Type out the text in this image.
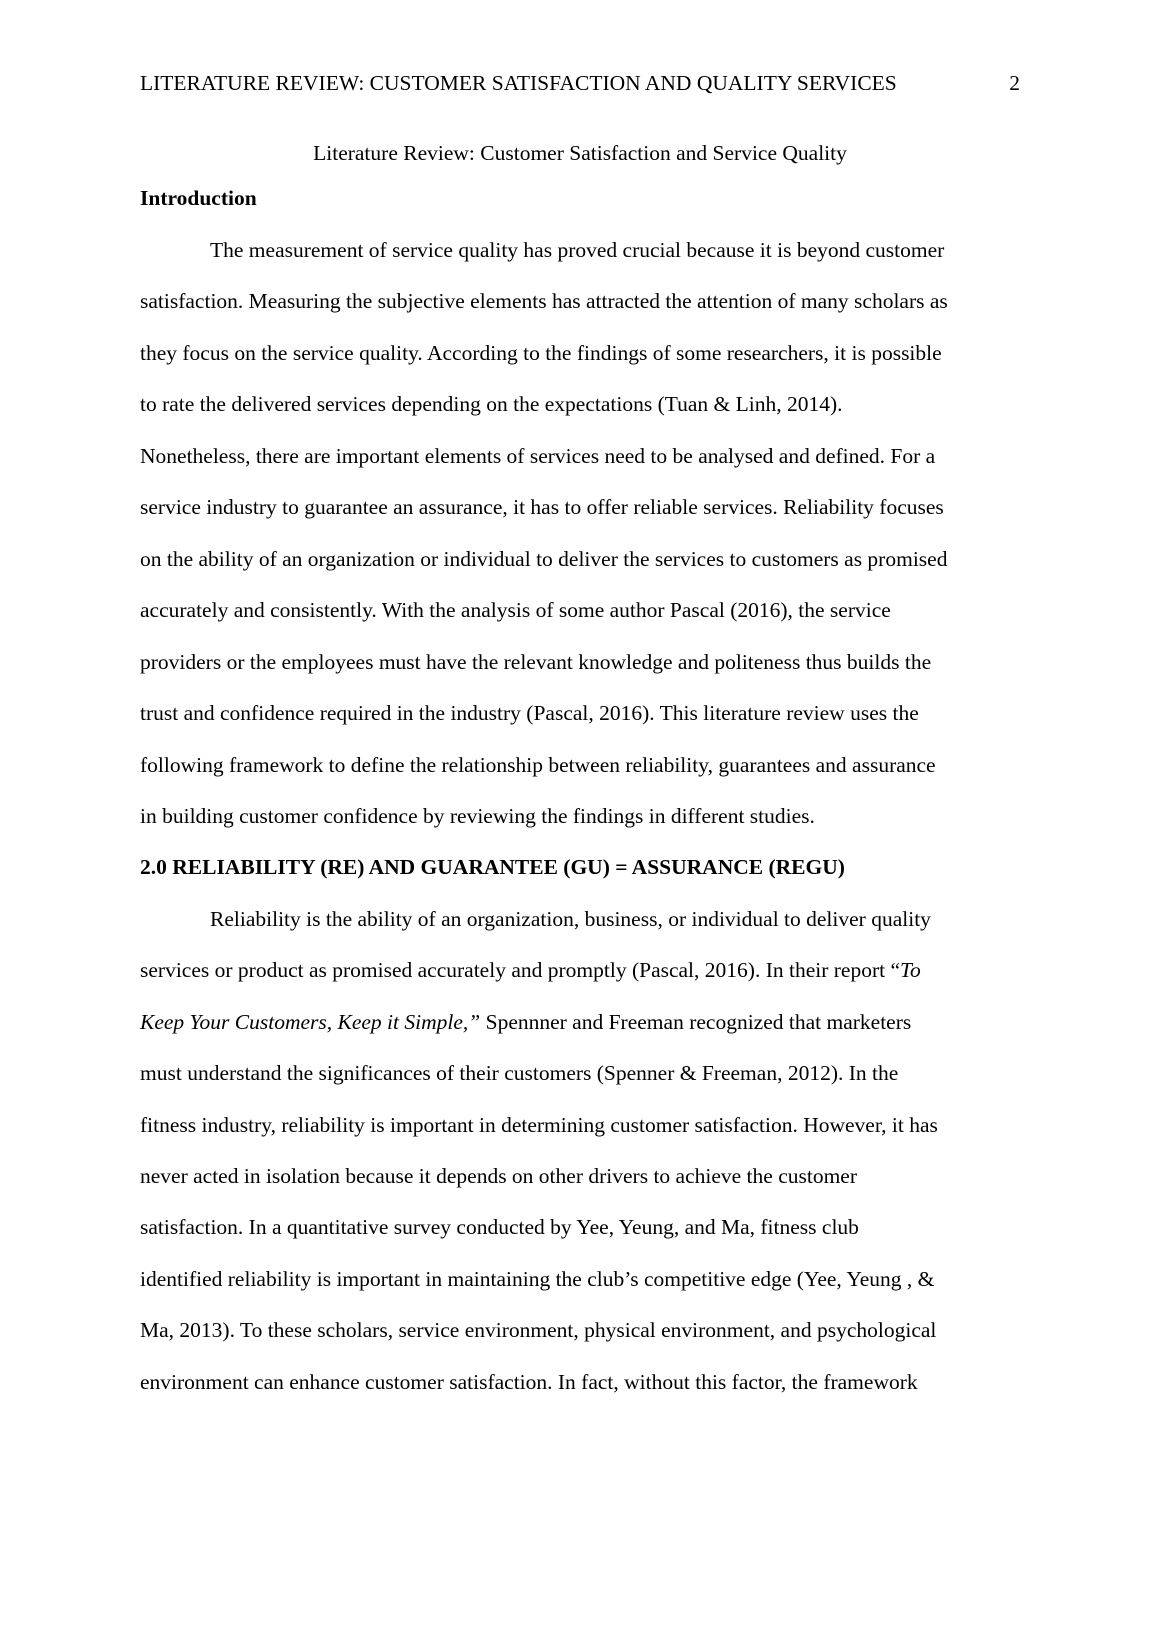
LITERATURE REVIEW: CUSTOMER SATISFACTION AND QUALITY SERVICES	2
Literature Review: Customer Satisfaction and Service Quality
Introduction
The measurement of service quality has proved crucial because it is beyond customer
satisfaction. Measuring the subjective elements has attracted the attention of many scholars as
they focus on the service quality. According to the findings of some researchers, it is possible
to rate the delivered services depending on the expectations (Tuan & Linh, 2014).
Nonetheless, there are important elements of services need to be analysed and defined. For a
service industry to guarantee an assurance, it has to offer reliable services. Reliability focuses
on the ability of an organization or individual to deliver the services to customers as promised
accurately and consistently. With the analysis of some author Pascal (2016), the service
providers or the employees must have the relevant knowledge and politeness thus builds the
trust and confidence required in the industry (Pascal, 2016). This literature review uses the
following framework to define the relationship between reliability, guarantees and assurance
in building customer confidence by reviewing the findings in different studies.
2.0 RELIABILITY (RE) AND GUARANTEE (GU) = ASSURANCE (REGU)
Reliability is the ability of an organization, business, or individual to deliver quality
services or product as promised accurately and promptly (Pascal, 2016). In their report “To
Keep Your Customers, Keep it Simple,” Spennner and Freeman recognized that marketers
must understand the significances of their customers (Spenner & Freeman, 2012). In the
fitness industry, reliability is important in determining customer satisfaction. However, it has
never acted in isolation because it depends on other drivers to achieve the customer
satisfaction. In a quantitative survey conducted by Yee, Yeung, and Ma, fitness club
identified reliability is important in maintaining the club’s competitive edge (Yee, Yeung , &
Ma, 2013). To these scholars, service environment, physical environment, and psychological
environment can enhance customer satisfaction. In fact, without this factor, the framework
